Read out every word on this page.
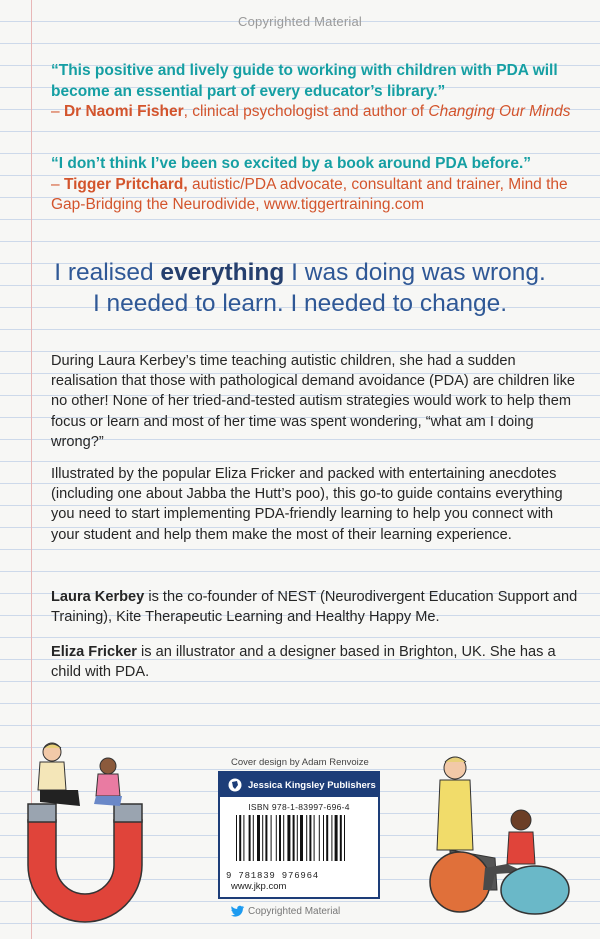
Copyrighted Material
“This positive and lively guide to working with children with PDA will become an essential part of every educator’s library.”
– Dr Naomi Fisher, clinical psychologist and author of Changing Our Minds
“I don’t think I’ve been so excited by a book around PDA before.”
– Tigger Pritchard, autistic/PDA advocate, consultant and trainer, Mind the Gap-Bridging the Neurodivide, www.tiggertraining.com
I realised everything I was doing was wrong.
I needed to learn. I needed to change.
During Laura Kerbey’s time teaching autistic children, she had a sudden realisation that those with pathological demand avoidance (PDA) are children like no other! None of her tried-and-tested autism strategies would work to help them focus or learn and most of her time was spent wondering, “what am I doing wrong?”
Illustrated by the popular Eliza Fricker and packed with entertaining anecdotes (including one about Jabba the Hutt’s poo), this go-to guide contains everything you need to start implementing PDA-friendly learning to help you connect with your student and help them make the most of their learning experience.
Laura Kerbey is the co-founder of NEST (Neurodivergent Education Support and Training), Kite Therapeutic Learning and Healthy Happy Me.
Eliza Fricker is an illustrator and a designer based in Brighton, UK. She has a child with PDA.
Cover design by Adam Renvoize
Jessica Kingsley Publishers
ISBN 978-1-83997-696-4
9 781839 976964
www.jkp.com
Copyrighted Material
